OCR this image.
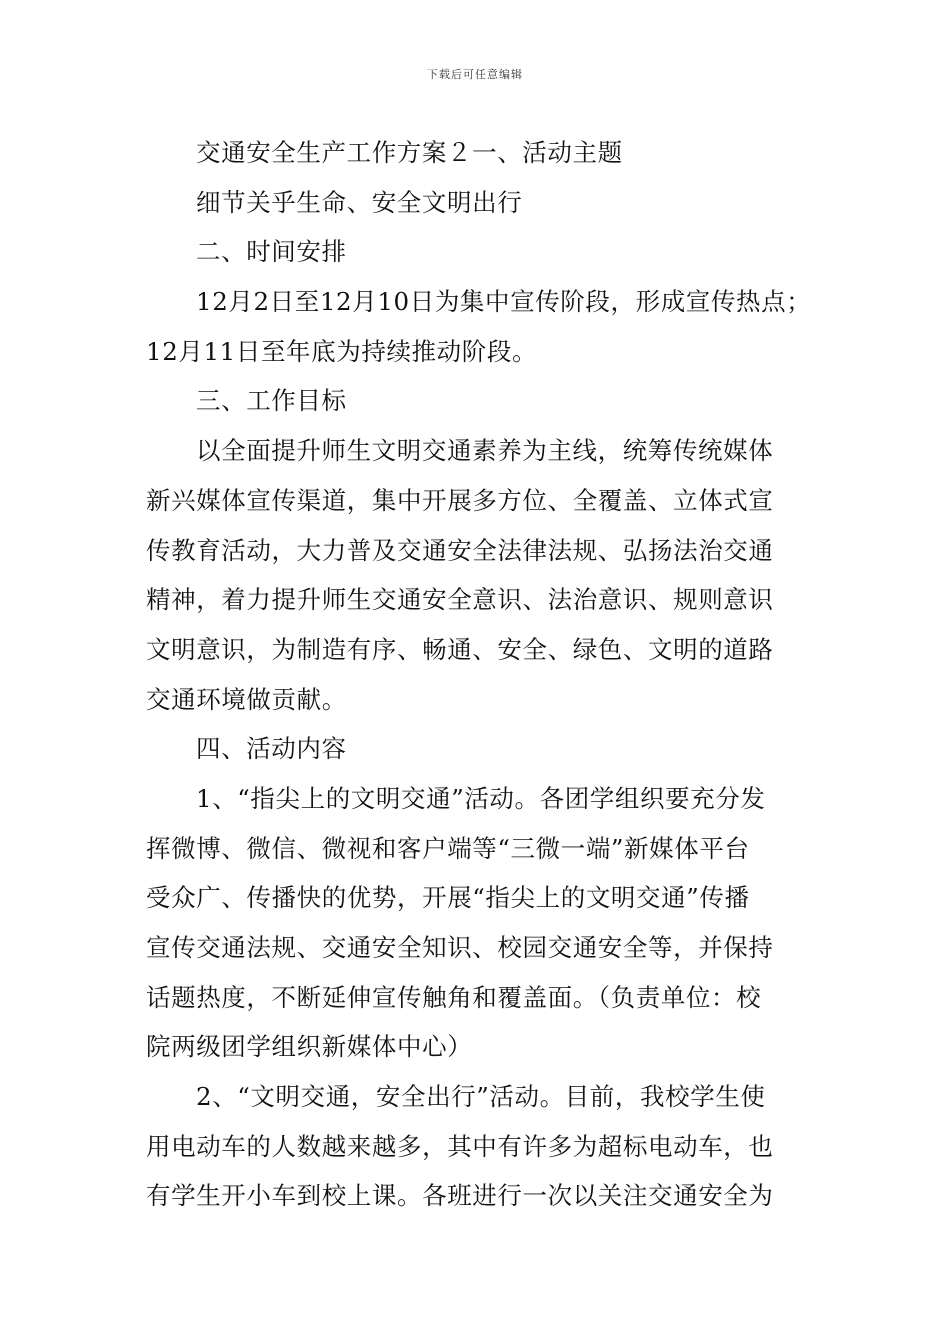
下载后可任意编辑
交通安全生产工作方案２一、活动主题
细节关乎生命、安全文明出行
二、时间安排
12月2日至12月10日为集中宣传阶段，形成宣传热点；
12月11日至年底为持续推动阶段。
三、工作目标
以全面提升师生文明交通素养为主线，统筹传统媒体
新兴媒体宣传渠道，集中开展多方位、全覆盖、立体式宣
传教育活动，大力普及交通安全法律法规、弘扬法治交通
精神，着力提升师生交通安全意识、法治意识、规则意识
文明意识，为制造有序、畅通、安全、绿色、文明的道路
交通环境做贡献。
四、活动内容
1、“指尖上的文明交通”活动。各团学组织要充分发
挥微博、微信、微视和客户端等“三微一端”新媒体平台
受众广、传播快的优势，开展“指尖上的文明交通”传播
宣传交通法规、交通安全知识、校园交通安全等，并保持
话题热度，不断延伸宣传触角和覆盖面。（负责单位：校
院两级团学组织新媒体中心）
2、“文明交通，安全出行”活动。目前，我校学生使
用电动车的人数越来越多，其中有许多为超标电动车，也
有学生开小车到校上课。各班进行一次以关注交通安全为
